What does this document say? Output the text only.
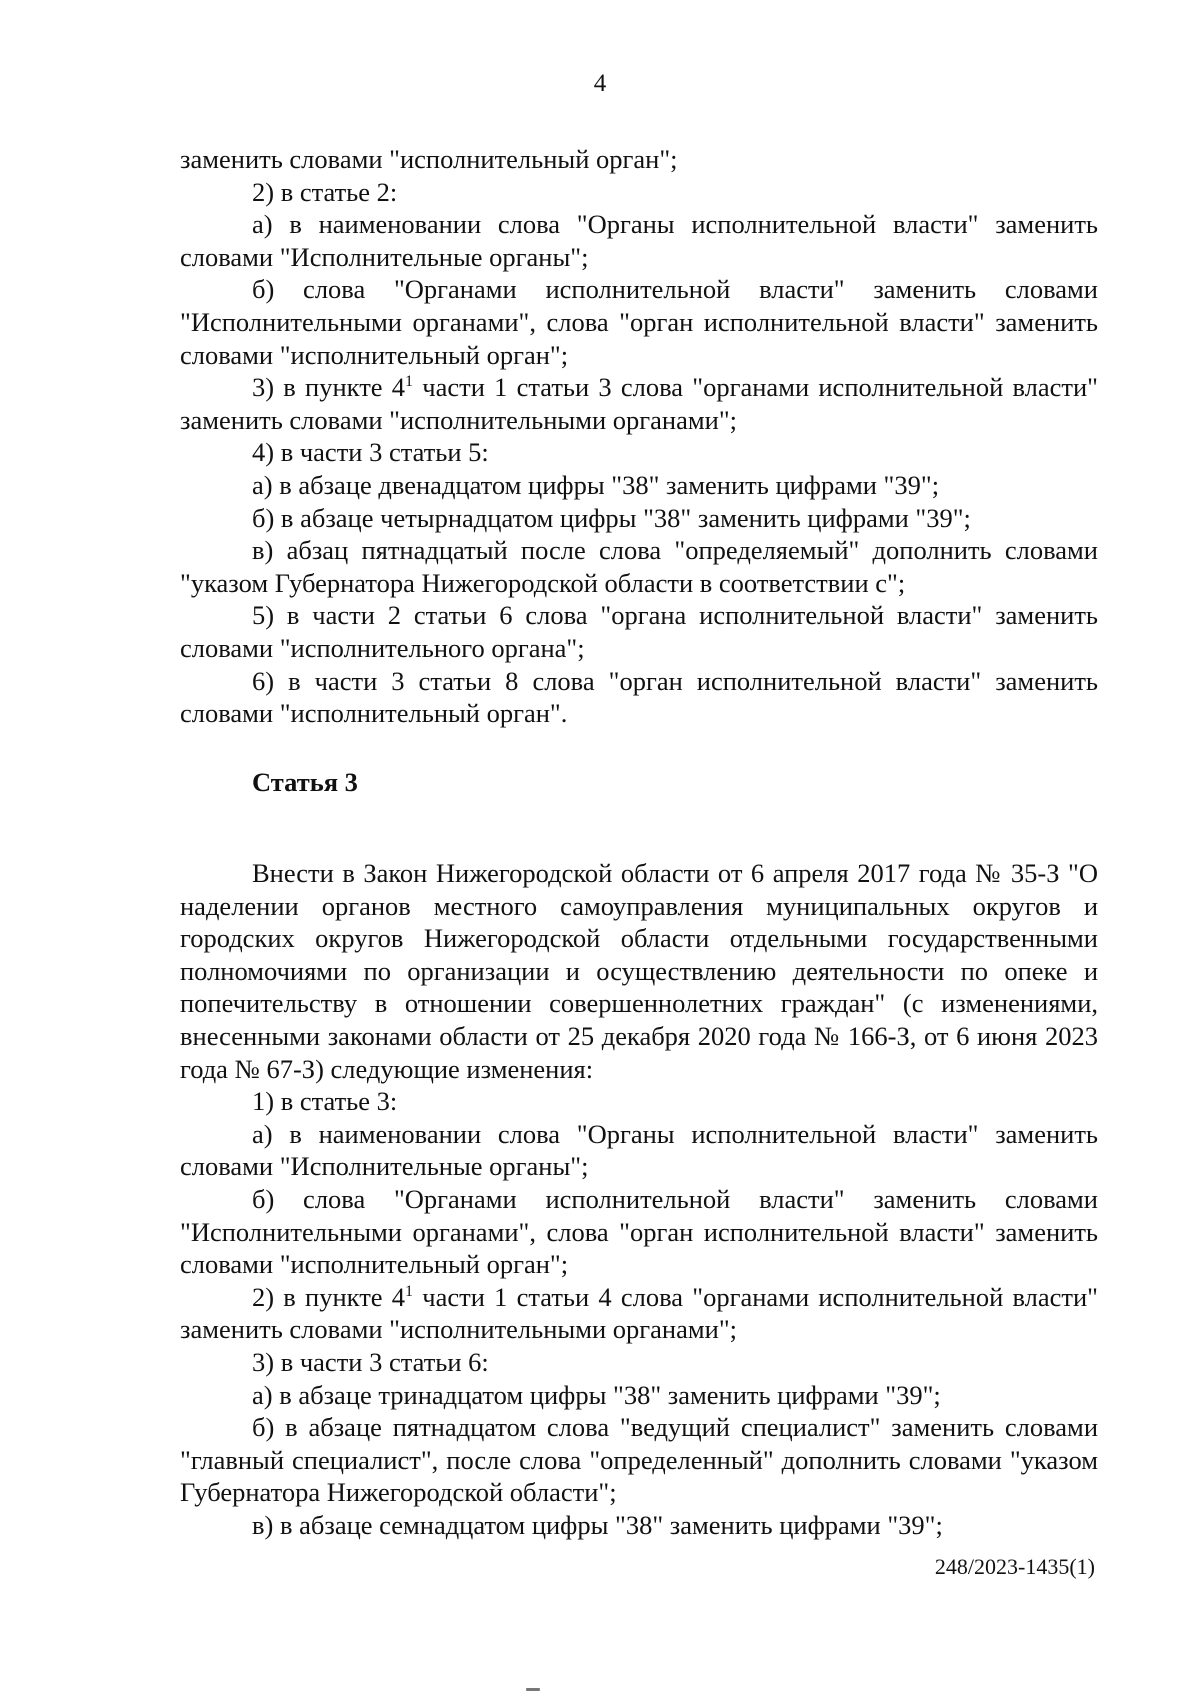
4

заменить словами "исполнительный орган";

2) в статье 2:

а) в наименовании слова "Органы исполнительной власти" заменить словами "Исполнительные органы";

б) слова "Органами исполнительной власти" заменить словами "Исполнительными органами", слова "орган исполнительной власти" заменить словами "исполнительный орган";

3) в пункте $4^1$ части 1 статьи 3 слова "органами исполнительной власти" заменить словами "исполнительными органами";

4) в части 3 статьи 5:

а) в абзаце двенадцатом цифры "38" заменить цифрами "39";

б) в абзаце четырнадцатом цифры "38" заменить цифрами "39";

в) абзац пятнадцатый после слова "определяемый" дополнить словами "указом Губернатора Нижегородской области в соответствии с";

5) в части 2 статьи 6 слова "органа исполнительной власти" заменить словами "исполнительного органа";

6) в части 3 статьи 8 слова "орган исполнительной власти" заменить словами "исполнительный орган".

Статья 3

Внести в Закон Нижегородской области от 6 апреля 2017 года № 35-З "О наделении органов местного самоуправления муниципальных округов и городских округов Нижегородской области отдельными государственными полномочиями по организации и осуществлению деятельности по опеке и попечительству в отношении совершеннолетних граждан" (с изменениями, внесенными законами области от 25 декабря 2020 года № 166-З, от 6 июня 2023 года № 67-З) следующие изменения:

1) в статье 3:

а) в наименовании слова "Органы исполнительной власти" заменить словами "Исполнительные органы";

б) слова "Органами исполнительной власти" заменить словами "Исполнительными органами", слова "орган исполнительной власти" заменить словами "исполнительный орган";

2) в пункте $4^1$ части 1 статьи 4 слова "органами исполнительной власти" заменить словами "исполнительными органами";

3) в части 3 статьи 6:

а) в абзаце тринадцатом цифры "38" заменить цифрами "39";

б) в абзаце пятнадцатом слова "ведущий специалист" заменить словами "главный специалист", после слова "определенный" дополнить словами "указом Губернатора Нижегородской области";

в) в абзаце семнадцатом цифры "38" заменить цифрами "39";

248/2023-1435(1)
